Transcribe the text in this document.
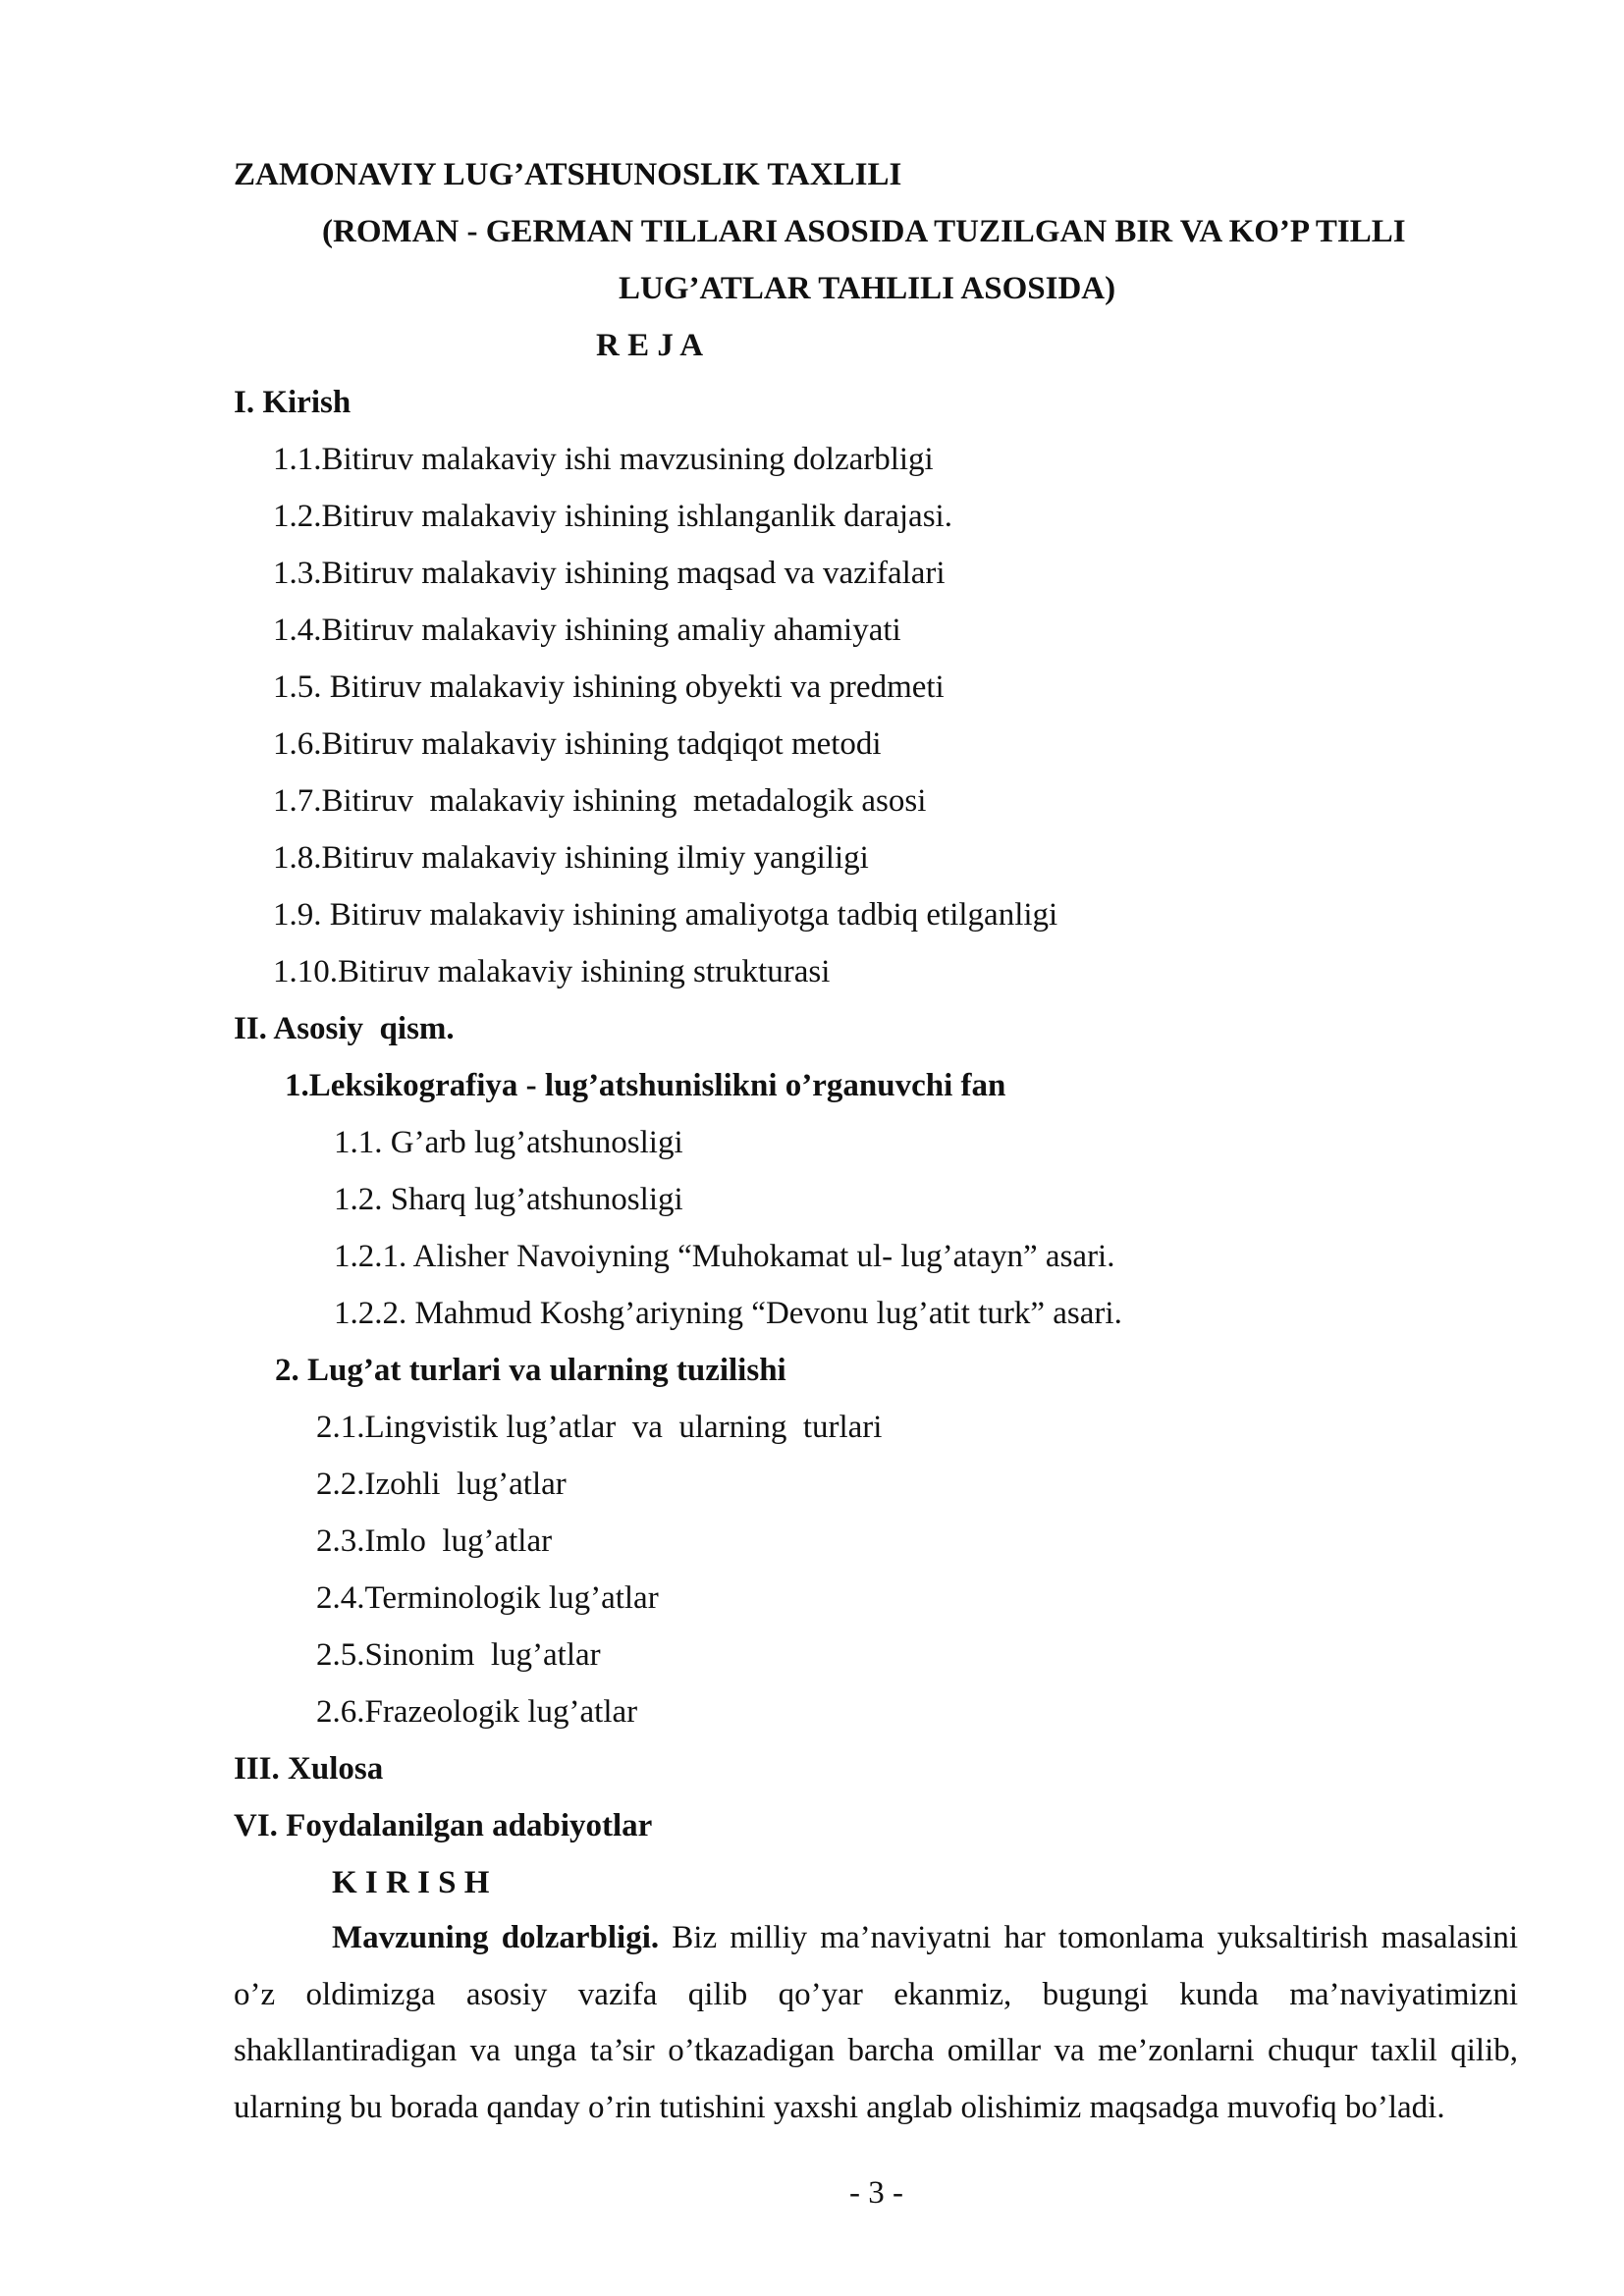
ZAMONAVIY LUG’ATSHUNOSLIK TAXLILI
(ROMAN - GERMAN TILLARI ASOSIDA TUZILGAN BIR VA KO’P TILLI
LUG’ATLAR TAHLILI ASOSIDA)
R E J A
I. Kirish
1.1.Bitiruv malakaviy ishi mavzusining dolzarbligi
1.2.Bitiruv malakaviy ishining ishlanganlik darajasi.
1.3.Bitiruv malakaviy ishining maqsad va vazifalari
1.4.Bitiruv malakaviy ishining amaliy ahamiyati
1.5. Bitiruv malakaviy ishining obyekti va predmeti
1.6.Bitiruv malakaviy ishining tadqiqot metodi
1.7.Bitiruv  malakaviy ishining  metadalogik asosi
1.8.Bitiruv malakaviy ishining ilmiy yangiligi
1.9. Bitiruv malakaviy ishining amaliyotga tadbiq etilganligi
1.10.Bitiruv malakaviy ishining strukturasi
II. Asosiy  qism.
1.Leksikografiya - lug’atshunislikni o’rganuvchi fan
1.1. G’arb lug’atshunosligi
1.2. Sharq lug’atshunosligi
1.2.1. Alisher Navoiyning “Muhokamat ul- lug’atayn” asari.
1.2.2. Mahmud Koshg’ariyning “Devonu lug’atit turk” asari.
2. Lug’at turlari va ularning tuzilishi
2.1.Lingvistik lug’atlar  va  ularning  turlari
2.2.Izohli  lug’atlar
2.3.Imlo  lug’atlar
2.4.Terminologik lug’atlar
2.5.Sinonim  lug’atlar
2.6.Frazeologik lug’atlar
III. Xulosa
VI. Foydalanilgan adabiyotlar
K I R I S H
Mavzuning dolzarbligi. Biz milliy ma’naviyatni har tomonlama yuksaltirish masalasini o’z oldimizga asosiy vazifa qilib qo’yar ekanmiz, bugungi kunda ma’naviyatimizni shakllantiradigan va unga ta’sir o’tkazadigan barcha omillar va me’zonlarni chuqur taxlil qilib, ularning bu borada qanday o’rin tutishini yaxshi anglab olishimiz maqsadga muvofiq bo’ladi.
- 3 -
